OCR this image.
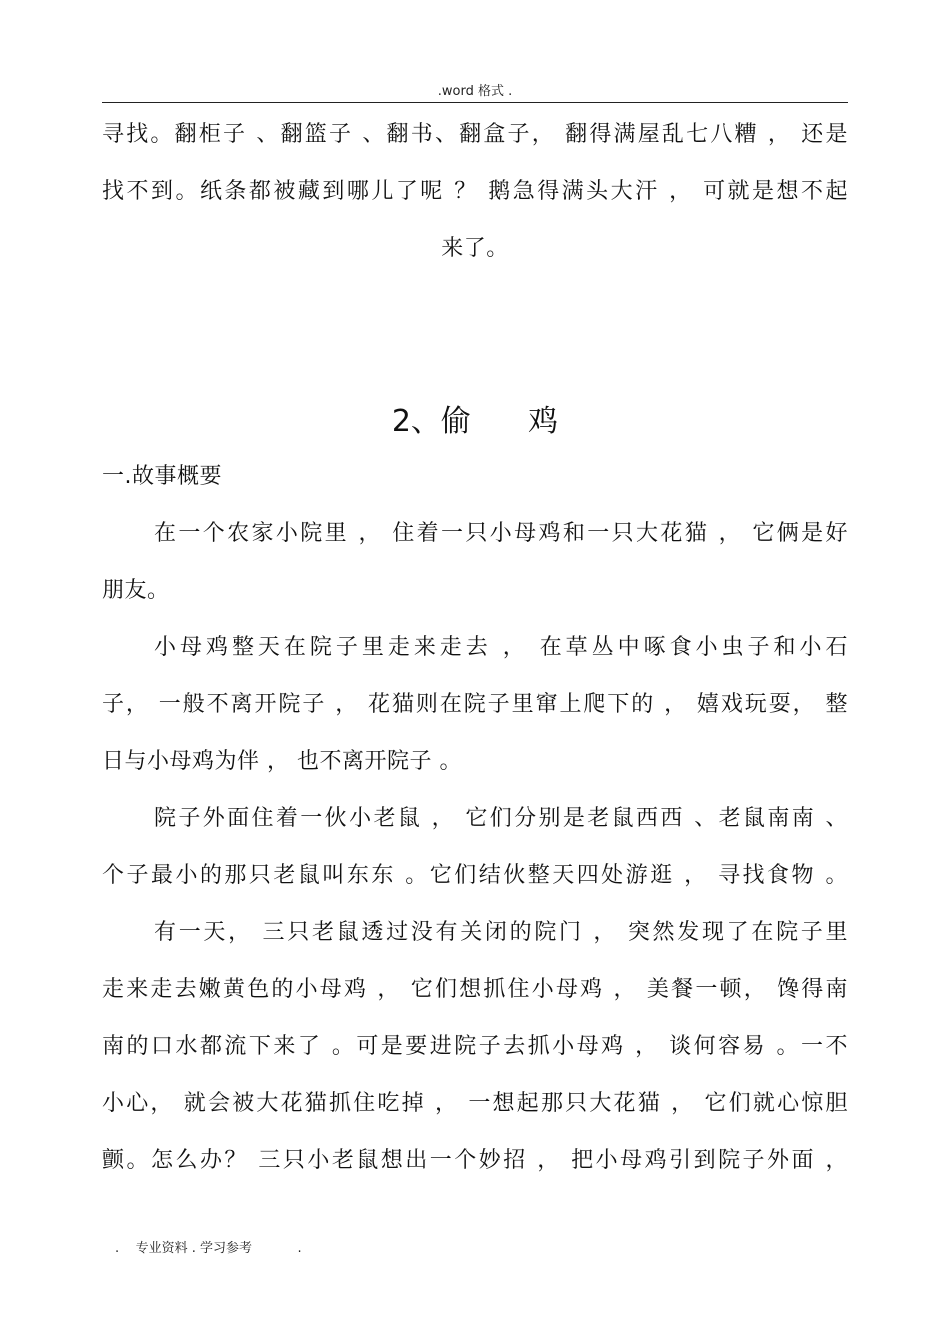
.word 格式 .
寻找。翻柜子 、翻篮子 、翻书、翻盒子， 翻得满屋乱七八糟 ， 还是
找不到。纸条都被藏到哪儿了呢 ？ 鹅急得满头大汗 ， 可就是想不起
来了。
2、偷      鸡
一.故事概要
在一个农家小院里 ， 住着一只小母鸡和一只大花猫 ， 它俩是好
朋友。
小母鸡整天在院子里走来走去 ， 在草丛中啄食小虫子和小石
子， 一般不离开院子 ， 花猫则在院子里窜上爬下的 ， 嬉戏玩耍， 整
日与小母鸡为伴 ， 也不离开院子 。
院子外面住着一伙小老鼠 ， 它们分别是老鼠西西 、老鼠南南 、
个子最小的那只老鼠叫东东 。它们结伙整天四处游逛 ， 寻找食物 。
有一天， 三只老鼠透过没有关闭的院门 ， 突然发现了在院子里
走来走去嫩黄色的小母鸡 ， 它们想抓住小母鸡 ， 美餐一顿， 馋得南
南的口水都流下来了 。可是要进院子去抓小母鸡 ， 谈何容易 。一不
小心， 就会被大花猫抓住吃掉 ， 一想起那只大花猫 ， 它们就心惊胆
颤。怎么办？ 三只小老鼠想出一个妙招 ， 把小母鸡引到院子外面 ，
.    专业资料 . 学习参考           .
